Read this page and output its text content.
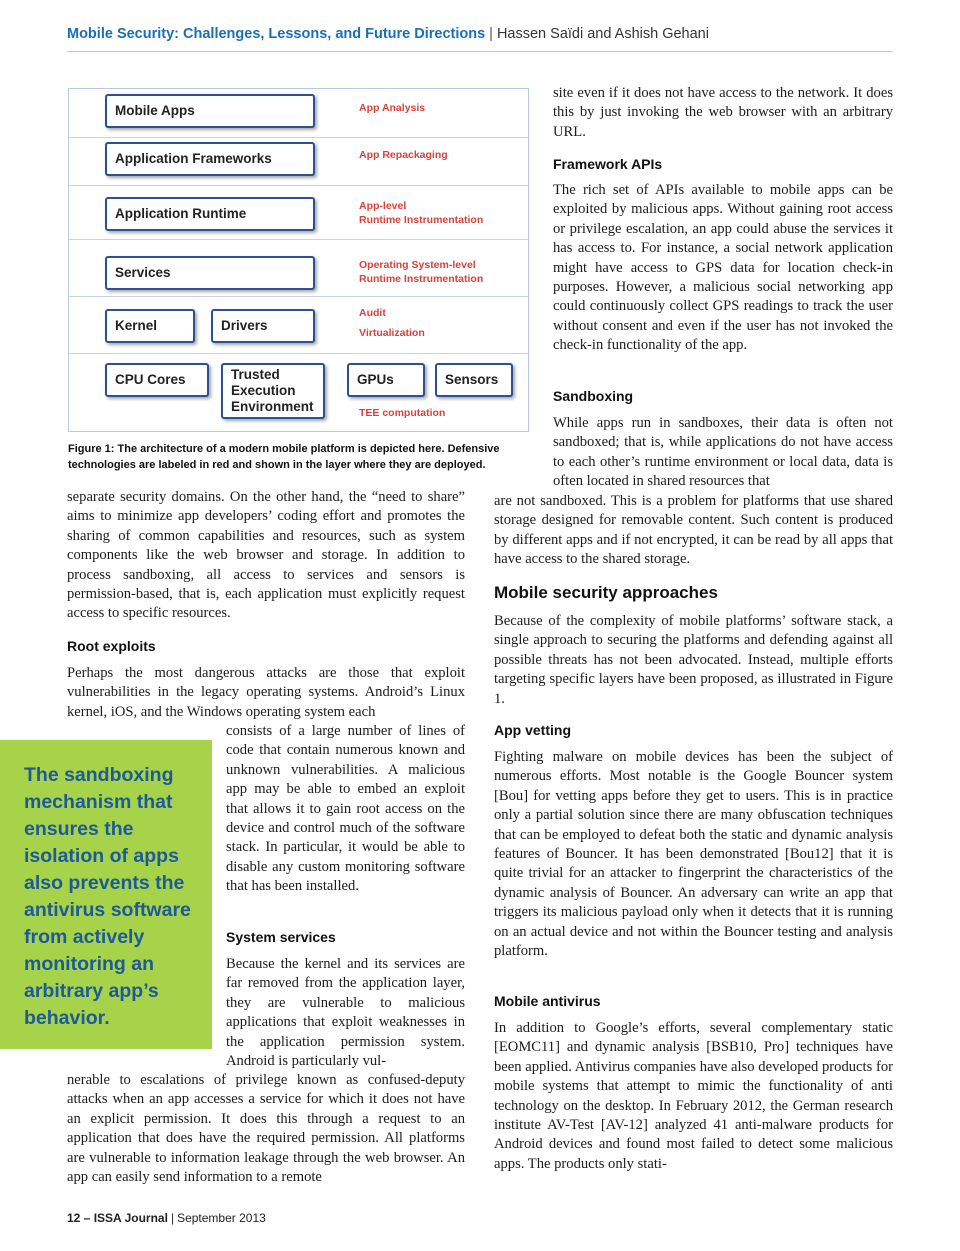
Mobile Security: Challenges, Lessons, and Future Directions | Hassen Saïdi and Ashish Gehani
Mobile Apps
Application Frameworks
Application Runtime
Services
Kernel	Drivers
CPU Cores	Trusted Execution Environment
GPUs	Sensors
App Analysis
App Repackaging
App-level
Runtime Instrumentation
Operating System-level
Runtime Instrumentation
Audit
Virtualization
TEE computation
Figure 1: The architecture of a modern mobile platform is depicted here. Defensive technologies are labeled in red and shown in the layer where they are deployed.
separate security domains. On the other hand, the “need to share” aims to minimize app developers’ coding effort and promotes the sharing of common capabilities and resources, such as system components like the web browser and storage. In addition to process sandboxing, all access to services and sensors is permission-based, that is, each application must explicitly request access to specific resources.
Root exploits
Perhaps the most dangerous attacks are those that exploit vulnerabilities in the legacy operating systems. Android’s Linux kernel, iOS, and the Windows operating system each
consists of a large number of lines of code that contain numerous known and unknown vulnerabilities. A malicious app may be able to embed an exploit that allows it to gain root access on the device and control much of the software stack. In particular, it would be able to disable any custom monitoring software that has been installed.
System services
Because the kernel and its services are far removed from the application layer, they are vulnerable to malicious applications that exploit weaknesses in the application permission system. Android is particularly vul-
nerable to escalations of privilege known as confused-deputy attacks when an app accesses a service for which it does not have an explicit permission. It does this through a request to an application that does have the required permission. All platforms are vulnerable to information leakage through the web browser. An app can easily send information to a remote

The sandboxing mechanism that ensures the isolation of apps also prevents the antivirus software from actively monitoring an arbitrary app’s behavior.

site even if it does not have access to the network. It does this by just invoking the web browser with an arbitrary URL.
Framework APIs
The rich set of APIs available to mobile apps can be exploited by malicious apps. Without gaining root access or privilege escalation, an app could abuse the services it has access to. For instance, a social network application might have access to GPS data for location check-in purposes. However, a malicious social networking app could continuously collect GPS readings to track the user without consent and even if the user has not invoked the check-in functionality of the app.
Sandboxing
While apps run in sandboxes, their data is often not sandboxed; that is, while applications do not have access to each other’s runtime environment or local data, data is often located in shared resources that
are not sandboxed. This is a problem for platforms that use shared storage designed for removable content. Such content is produced by different apps and if not encrypted, it can be read by all apps that have access to the shared storage.
Mobile security approaches
Because of the complexity of mobile platforms’ software stack, a single approach to securing the platforms and defending against all possible threats has not been advocated. Instead, multiple efforts targeting specific layers have been proposed, as illustrated in Figure 1.
App vetting
Fighting malware on mobile devices has been the subject of numerous efforts. Most notable is the Google Bouncer system [Bou] for vetting apps before they get to users. This is in practice only a partial solution since there are many obfuscation techniques that can be employed to defeat both the static and dynamic analysis features of Bouncer. It has been demonstrated [Bou12] that it is quite trivial for an attacker to fingerprint the characteristics of the dynamic analysis of Bouncer. An adversary can write an app that triggers its malicious payload only when it detects that it is running on an actual device and not within the Bouncer testing and analysis platform.
Mobile antivirus
In addition to Google’s efforts, several complementary static [EOMC11] and dynamic analysis [BSB10, Pro] techniques have been applied. Antivirus companies have also developed products for mobile systems that attempt to mimic the functionality of anti technology on the desktop. In February 2012, the German research institute AV-Test [AV-12] analyzed 41 anti-malware products for Android devices and found most failed to detect some malicious apps. The products only stati-
12 – ISSA Journal | September 2013
